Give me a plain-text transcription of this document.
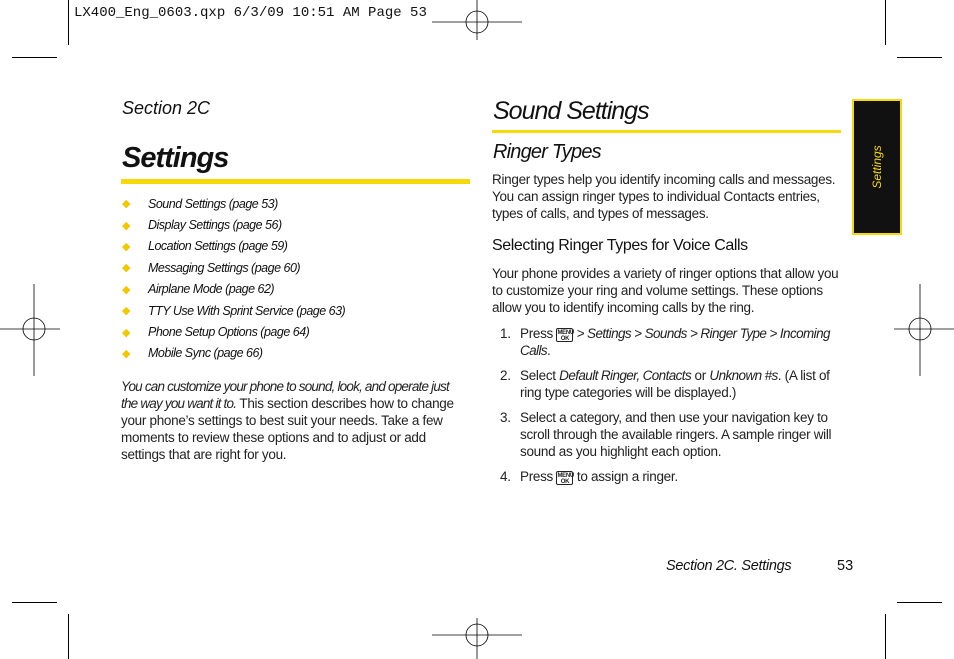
LX400_Eng_0603.qxp 6/3/09 10:51 AM Page 53
Section 2C
Settings
◆	Sound Settings (page 53)
◆	Display Settings (page 56)
◆	Location Settings (page 59)
◆	Messaging Settings (page 60)
◆	Airplane Mode (page 62)
◆	TTY Use With Sprint Service (page 63)
◆	Phone Setup Options (page 64)
◆	Mobile Sync (page 66)
You can customize your phone to sound, look, and operate just the way you want it to. This section describes how to change your phone’s settings to best suit your needs. Take a few moments to review these options and to adjust or add settings that are right for you.
Sound Settings
Ringer Types
Ringer types help you identify incoming calls and messages. You can assign ringer types to individual Contacts entries, types of calls, and types of messages.
Selecting Ringer Types for Voice Calls
Your phone provides a variety of ringer options that allow you to customize your ring and volume settings. These options allow you to identify incoming calls by the ring.
1. Press MENU
OK > Settings > Sounds > Ringer Type > Incoming Calls.
2. Select Default Ringer, Contacts or Unknown #s. (A list of ring type categories will be displayed.)
3. Select a category, and then use your navigation key to scroll through the available ringers. A sample ringer will sound as you highlight each option.
4. Press MENU
OK to assign a ringer.
Settings
Section 2C. Settings	53
